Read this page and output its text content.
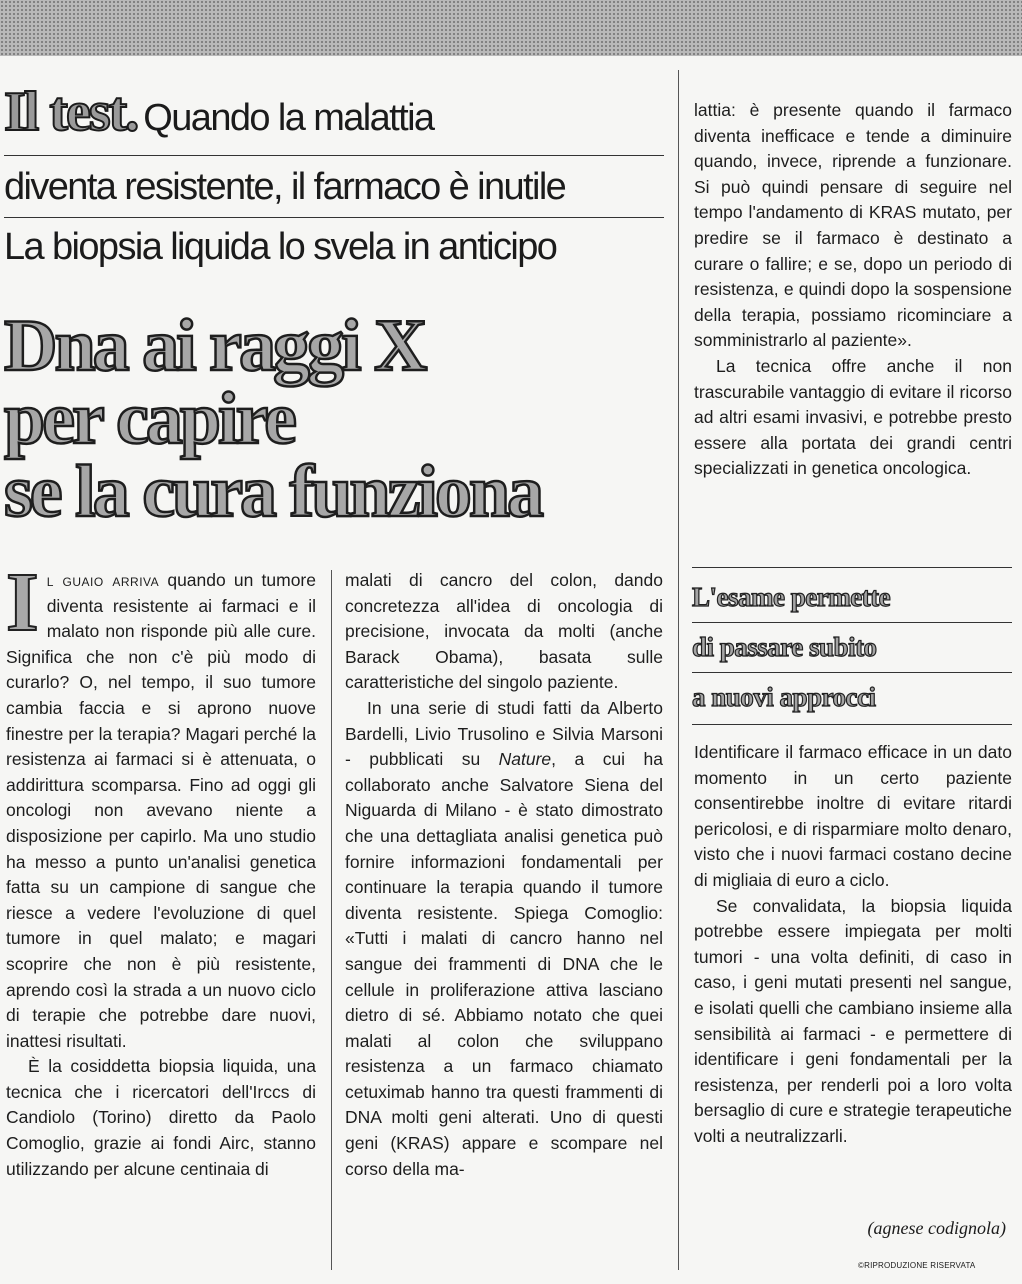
Il test. Quando la malattia
diventa resistente, il farmaco è inutile
La biopsia liquida lo svela in anticipo
Dna ai raggi X
per capire
se la cura funziona

Il guaio arriva quando un tumore diventa resistente ai farmaci e il malato non risponde più alle cure. Significa che non c'è più modo di curarlo? O, nel tempo, il suo tumore cambia faccia e si aprono nuove finestre per la terapia? Magari perché la resistenza ai farmaci si è attenuata, o addirittura scomparsa. Fino ad oggi gli oncologi non avevano niente a disposizione per capirlo. Ma uno studio ha messo a punto un'analisi genetica fatta su un campione di sangue che riesce a vedere l'evoluzione di quel tumore in quel malato; e magari scoprire che non è più resistente, aprendo così la strada a un nuovo ciclo di terapie che potrebbe dare nuovi, inattesi risultati.

È la cosiddetta biopsia liquida, una tecnica che i ricercatori dell'Irccs di Candiolo (Torino) diretto da Paolo Comoglio, grazie ai fondi Airc, stanno utilizzando per alcune centinaia di

malati di cancro del colon, dando concretezza all'idea di oncologia di precisione, invocata da molti (anche Barack Obama), basata sulle caratteristiche del singolo paziente.

In una serie di studi fatti da Alberto Bardelli, Livio Trusolino e Silvia Marsoni - pubblicati su Nature, a cui ha collaborato anche Salvatore Siena del Niguarda di Milano - è stato dimostrato che una dettagliata analisi genetica può fornire informazioni fondamentali per continuare la terapia quando il tumore diventa resistente. Spiega Comoglio: «Tutti i malati di cancro hanno nel sangue dei frammenti di DNA che le cellule in proliferazione attiva lasciano dietro di sé. Abbiamo notato che quei malati al colon che sviluppano resistenza a un farmaco chiamato cetuximab hanno tra questi frammenti di DNA molti geni alterati. Uno di questi geni (KRAS) appare e scompare nel corso della ma-

lattia: è presente quando il farmaco diventa inefficace e tende a diminuire quando, invece, riprende a funzionare. Si può quindi pensare di seguire nel tempo l'andamento di KRAS mutato, per predire se il farmaco è destinato a curare o fallire; e se, dopo un periodo di resistenza, e quindi dopo la sospensione della terapia, possiamo ricominciare a somministrarlo al paziente».

La tecnica offre anche il non trascurabile vantaggio di evitare il ricorso ad altri esami invasivi, e potrebbe presto essere alla portata dei grandi centri specializzati in genetica oncologica.

L'esame permette
di passare subito
a nuovi approcci

Identificare il farmaco efficace in un dato momento in un certo paziente consentirebbe inoltre di evitare ritardi pericolosi, e di risparmiare molto denaro, visto che i nuovi farmaci costano decine di migliaia di euro a ciclo.

Se convalidata, la biopsia liquida potrebbe essere impiegata per molti tumori - una volta definiti, di caso in caso, i geni mutati presenti nel sangue, e isolati quelli che cambiano insieme alla sensibilità ai farmaci - e permettere di identificare i geni fondamentali per la resistenza, per renderli poi a loro volta bersaglio di cure e strategie terapeutiche volti a neutralizzarli.

(agnese codignola)
©RIPRODUZIONE RISERVATA
